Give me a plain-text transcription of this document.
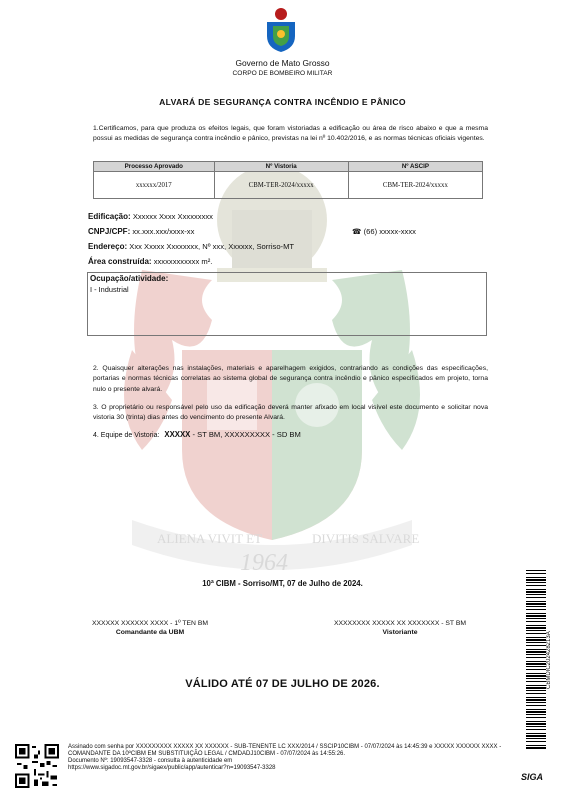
ALIENA VIVIT ET	DIVITIS SALVARE
1964
Governo de Mato Grosso
CORPO DE BOMBEIRO MILITAR
ALVARÁ DE SEGURANÇA CONTRA INCÊNDIO E PÂNICO
1.Certificamos, para que produza os efeitos legais, que foram vistoriadas a edificação ou área de risco abaixo e que a mesma possui as medidas de segurança contra incêndio e pânico, previstas na lei nº 10.402/2016, e as normas técnicas oficiais vigentes.
Processo Aprovado	Nº Vistoria	Nº ASCIP
xxxxxx/2017	CBM-TER-2024/xxxxx	CBM-TER-2024/xxxxx
Edificação: Xxxxxx Xxxx Xxxxxxxxx
CNPJ/CPF: xx.xxx.xxx/xxxx-xx	☎ (66) xxxxx-xxxx
Endereço: Xxx Xxxxx Xxxxxxxx, Nº xxx, Xxxxxx, Sorriso-MT
Área construída: xxxxxxxxxxxx m².
Ocupação/atividade:
I - Industrial
2. Quaisquer alterações nas instalações, materiais e aparelhagem exigidos, contrariando as condições das especificações, portarias e normas técnicas correlatas ao sistema global de segurança contra incêndio e pânico especificados em projeto, torna nulo o presente alvará.
3. O proprietário ou responsável pelo uso da edificação deverá manter afixado em local visível este documento e solicitar nova vistoria 30 (trinta) dias antes do vencimento do presente Alvará.
4. Equipe de Vistoria: XXXXX - ST BM, XXXXXXXXX - SD BM
10ª CIBM - Sorriso/MT, 07 de Julho de 2024.
XXXXXX XXXXXX XXXX - 1º TEN BM
Comandante da UBM
XXXXXXXX XXXXX XX XXXXXXX - ST BM
Vistoriante
VÁLIDO ATÉ 07 DE JULHO DE 2026.
Assinado com senha por XXXXXXXXX XXXXX XX XXXXXX - SUB-TENENTE LC XXX/2014 / SSCIP10CIBM - 07/07/2024 às 14:45:39 e XXXXX XXXXXX XXXX - COMANDANTE DA 10ºCIBM EM SUBSTITUIÇÃO LEGAL / CMDADJ10CIBM - 07/07/2024 às 14:55:26.
Documento Nº: 19093547-3328 - consulta à autenticidade em
https://www.sigadoc.mt.gov.br/sigaex/public/app/autenticar?n=19093547-3328
CBMDIC202428213A
SIGA
